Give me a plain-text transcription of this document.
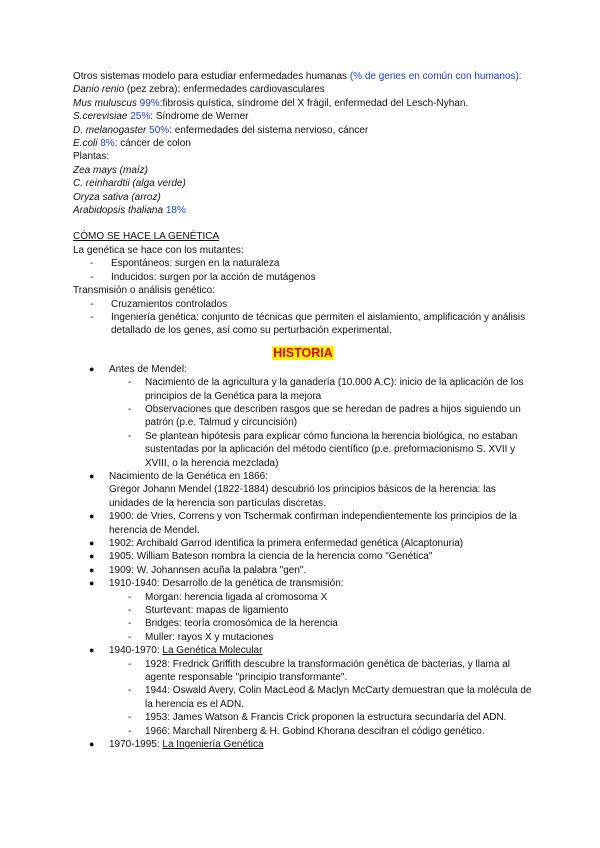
Otros sistemas modelo para estudiar enfermedades humanas (% de genes en común con humanos):
Danio renio (pez zebra): enfermedades cardiovasculares
Mus muluscus 99%:fibrosis quística, síndrome del X frágil, enfermedad del Lesch-Nyhan.
S.cerevisiae 25%: Síndrome de Werner
D. melanogaster 50%: enfermedades del sistema nervioso, cáncer
E.coli 8%: cáncer de colon
Plantas:
Zea mays (maíz)
C. reinhardtii (alga verde)
Oryza sativa (arroz)
Arabidopsis thaliana 18%
CÓMO SE HACE LA GENÉTICA
La genética se hace con los mutantes:
- Espontáneos: surgen en la naturaleza
- Inducidos: surgen por la acción de mutágenos
Transmisión o análisis genético:
- Cruzamientos controlados
- Ingeniería genética: conjunto de técnicas que permiten el aislamiento, amplificación y análisis detallado de los genes, así como su perturbación experimental.
HISTORIA
● Antes de Mendel:
- Nacimiento de la agricultura y la ganadería (10.000 A.C): inicio de la aplicación de los principios de la Genética para la mejora
- Observaciones que describen rasgos que se heredan de padres a hijos siguiendo un patrón (p.e. Talmud y circuncisión)
- Se plantean hipótesis para explicar cómo funciona la herencia biológica, no estaban sustentadas por la aplicación del método científico (p.e. preformacionismo S. XVII y XVIII, o la herencia mezclada)
● Nacimiento de la Genética en 1866:
Gregor Johann Mendel (1822-1884) descubrió los principios básicos de la herencia: las unidades de la herencia son partículas discretas.
● 1900: de Vries, Correns y von Tschermak confirman independientemente los principios de la herencia de Mendel.
● 1902: Archibald Garrod identifica la primera enfermedad genética (Alcaptonuria)
● 1905: William Bateson nombra la ciencia de la herencia como "Genética"
● 1909: W. Johannsen acuña la palabra "gen".
● 1910-1940: Desarrollo de la genética de transmisión:
- Morgan: herencia ligada al cromosoma X
- Sturtevant: mapas de ligamiento
- Bridges: teoría cromosómica de la herencia
- Muller: rayos X y mutaciones
● 1940-1970: La Genética Molecular
- 1928: Fredrick Griffith descubre la transformación genética de bacterias, y llama al agente responsable "principio transformante".
- 1944: Oswald Avery, Colin MacLeod & Maclyn McCarty demuestran que la molécula de la herencia es el ADN.
- 1953: James Watson & Francis Crick proponen la estructura secundaría del ADN.
- 1966: Marchall Nirenberg & H. Gobind Khorana descifran el código genético.
● 1970-1995: La Ingeniería Genética
